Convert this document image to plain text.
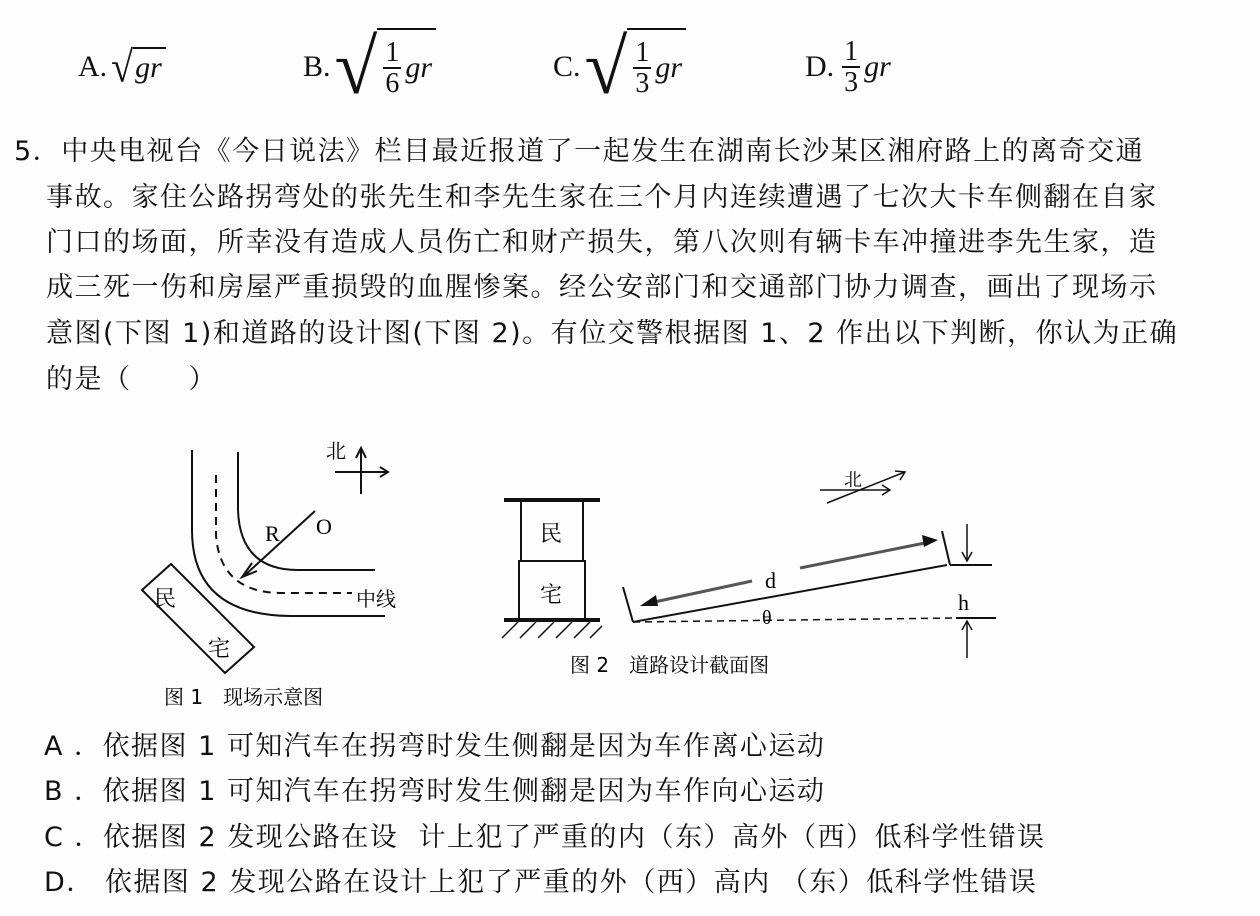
A. √ gr	B. √ $\frac{1}{6}$ gr	C. √ $\frac{1}{3}$ gr	D. $\frac{1}{3}$ gr
5．中央电视台《今日说法》栏目最近报道了一起发生在湖南长沙某区湘府路上的离奇交通
事故。家住公路拐弯处的张先生和李先生家在三个月内连续遭遇了七次大卡车侧翻在自家
门口的场面，所幸没有造成人员伤亡和财产损失，第八次则有辆卡车冲撞进李先生家，造
成三死一伤和房屋严重损毁的血腥惨案。经公安部门和交通部门协力调查，画出了现场示
意图(下图 1)和道路的设计图(下图 2)。有位交警根据图 1、2 作出以下判断，你认为正确
的是（　　）
北
R O
中线
民
宅
图 1　现场示意图
北
民
宅
d
θ
h
图 2　道路设计截面图
A ．依据图 1 可知汽车在拐弯时发生侧翻是因为车作离心运动
B ．依据图 1 可知汽车在拐弯时发生侧翻是因为车作向心运动
C ．依据图 2 发现公路在设  计上犯了严重的内（东）高外（西）低科学性错误
D． 依据图 2 发现公路在设计上犯了严重的外（西）高内 （东）低科学性错误
